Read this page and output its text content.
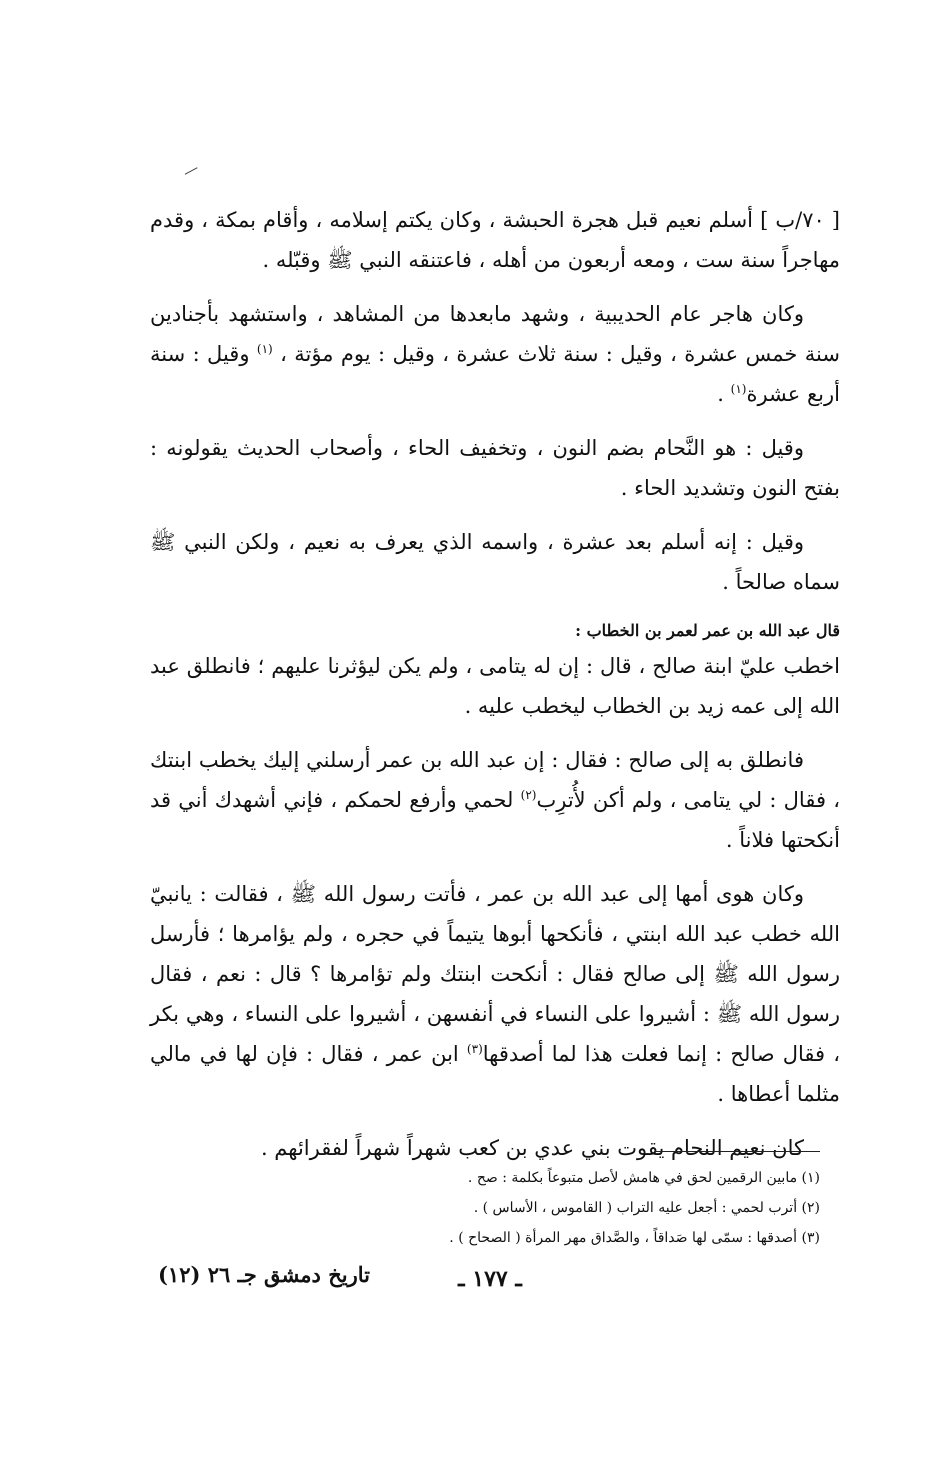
[ ٧٠/ب ] أسلم نعيم قبل هجرة الحبشة ، وكان يكتم إسلامه ، وأقام بمكة ، وقدم مهاجراً سنة ست ، ومعه أربعون من أهله ، فاعتنقه النبي ﷺ وقبّله .

وكان هاجر عام الحديبية ، وشهد مابعدها من المشاهد ، واستشهد بأجنادين سنة خمس عشرة ، وقيل : سنة ثلاث عشرة ، وقيل : يوم مؤتة ، $^{(١)}$ وقيل : سنة أربع عشرة$^{(١)}$ .

وقيل : هو النَّحام بضم النون ، وتخفيف الحاء ، وأصحاب الحديث يقولونه : بفتح النون وتشديد الحاء .

وقيل : إنه أسلم بعد عشرة ، واسمه الذي يعرف به نعيم ، ولكن النبي ﷺ سماه صالحاً .

قال عبد الله بن عمر لعمر بن الخطاب :

اخطب عليّ ابنة صالح ، قال : إن له يتامى ، ولم يكن ليؤثرنا عليهم ؛ فانطلق عبد الله إلى عمه زيد بن الخطاب ليخطب عليه .

فانطلق به إلى صالح : فقال : إن عبد الله بن عمر أرسلني إليك يخطب ابنتك ، فقال : لي يتامى ، ولم أكن لأُترِب$^{(٢)}$ لحمي وأرفع لحمكم ، فإني أشهدك أني قد أنكحتها فلاناً .

وكان هوى أمها إلى عبد الله بن عمر ، فأتت رسول الله ﷺ ، فقالت : يانبيّ الله خطب عبد الله ابنتي ، فأنكحها أبوها يتيماً في حجره ، ولم يؤامرها ؛ فأرسل رسول الله ﷺ إلى صالح فقال : أنكحت ابنتك ولم تؤامرها ؟ قال : نعم ، فقال رسول الله ﷺ : أشيروا على النساء في أنفسهن ، أشيروا على النساء ، وهي بكر ، فقال صالح : إنما فعلت هذا لما أصدقها$^{(٣)}$ ابن عمر ، فقال : فإن لها في مالي مثلما أعطاها .

كان نعيم النحام يقوت بني عدي بن كعب شهراً شهراً لفقرائهم .

(١) مابين الرقمين لحق في هامش لأصل متبوعاً بكلمة : صح .

(٢) أترب لحمي : أجعل عليه التراب ( القاموس ، الأساس ) .

(٣) أصدقها : سمّى لها صَداقاً ، والصَّداق مهر المرأة ( الصحاح ) .

ـ ١٧٧ ـ
تاريخ دمشق جـ ٢٦ (١٢)
